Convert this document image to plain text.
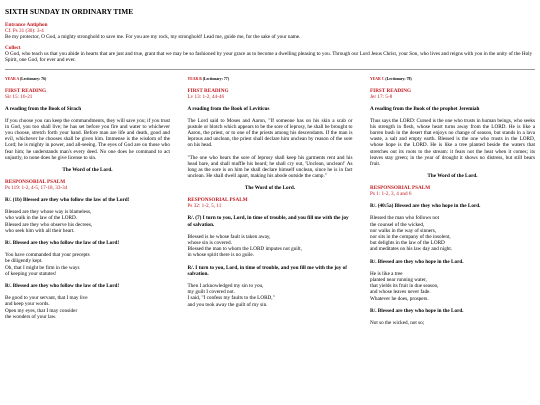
SIXTH SUNDAY IN ORDINARY TIME
Entrance Antiphon
Cf. Ps 31 (30): 3-4
Be my protector, O God, a mighty stronghold to save me. For you are my rock, my stronghold! Lead me, guide me, for the sake of your name.
Collect
O God, who teach us that you abide in hearts that are just and true, grant that we may be so fashioned by your grace as to become a dwelling pleasing to you. Through our Lord Jesus Christ, your Son, who lives and reigns with you in the unity of the Holy Spirit, one God, for ever and ever.
YEAR A (Lectionary: 76)
FIRST READING
Sir 15: 16-21
A reading from the Book of Sirach
If you choose you can keep the commandments, they will save you; if you trust in God, you too shall live; he has set before you fire and water to whichever you choose, stretch forth your hand. Before man are life and death, good and evil, whichever he chooses shall be given him. Immense is the wisdom of the Lord; he is mighty in power, and all-seeing. The eyes of God are on those who fear him; he understands man's every deed. No one does he command to act unjustly, to none does he give license to sin.
The Word of the Lord.
RESPONSORIAL PSALM
Ps 119: 1-2, 4-5, 17-18, 33-34
R/. (1b) Blessed are they who follow the law of the Lord!
Blessed are they whose way is blameless,
who walk in the law of the LORD.
Blessed are they who observe his decrees,
who seek him with all their heart.
R/. Blessed are they who follow the law of the Lord!
You have commanded that your precepts
be diligently kept.
Oh, that I might be firm in the ways
of keeping your statutes!
R/. Blessed are they who follow the law of the Lord!
Be good to your servant, that I may live
and keep your words.
Open my eyes, that I may consider
the wonders of your law.
YEAR B (Lectionary: 77)
FIRST READING
Lv 13: 1-2, 44-46
A reading from the Book of Leviticus
The Lord said to Moses and Aaron, "If someone has on his skin a scab or pustule or blotch which appears to be the sore of leprosy, he shall be brought to Aaron, the priest, or to one of the priests among his descendants. If the man is leprous and unclean, the priest shall declare him unclean by reason of the sore on his head.
"The one who bears the sore of leprosy shall keep his garments rent and his head bare, and shall muffle his beard; he shall cry out, 'Unclean, unclean!' As long as the sore is on him he shall declare himself unclean, since he is in fact unclean. He shall dwell apart, making his abode outside the camp."
The Word of the Lord.
RESPONSORIAL PSALM
Ps 32: 1-2, 5, 11
R/. (7) I turn to you, Lord, in time of trouble, and you fill me with the joy of salvation.
Blessed is he whose fault is taken away,
whose sin is covered.
Blessed the man to whom the LORD imputes not guilt,
in whose spirit there is no guile.
R/. I turn to you, Lord, in time of trouble, and you fill me with the joy of salvation.
Then I acknowledged my sin to you,
my guilt I covered not.
I said, "I confess my faults to the LORD,"
and you took away the guilt of my sin.
YEAR C (Lectionary: 78)
FIRST READING
Jer 17: 5-8
A reading from the Book of the prophet Jeremiah
Thus says the LORD: Cursed is the one who trusts in human beings, who seeks his strength in flesh, whose heart turns away from the LORD. He is like a barren bush in the desert that enjoys no change of season, but stands in a lava waste, a salt and empty earth. Blessed is the one who trusts in the LORD, whose hope is the LORD. He is like a tree planted beside the waters that stretches out its roots to the stream: it fears not the heat when it comes; its leaves stay green; in the year of drought it shows no distress, but still bears fruit.
The Word of the Lord.
RESPONSORIAL PSALM
Ps 1: 1-2, 3, 4 and 6
R/. (40:5a) Blessed are they who hope in the Lord.
Blessed the man who follows not
the counsel of the wicked,
nor walks in the way of sinners,
nor sits in the company of the insolent,
but delights in the law of the LORD
and meditates on his law day and night.
R/. Blessed are they who hope in the Lord.
He is like a tree
planted near running water,
that yields its fruit in due season,
and whose leaves never fade.
Whatever he does, prospers.
R/. Blessed are they who hope in the Lord.
Not so the wicked, not so;
